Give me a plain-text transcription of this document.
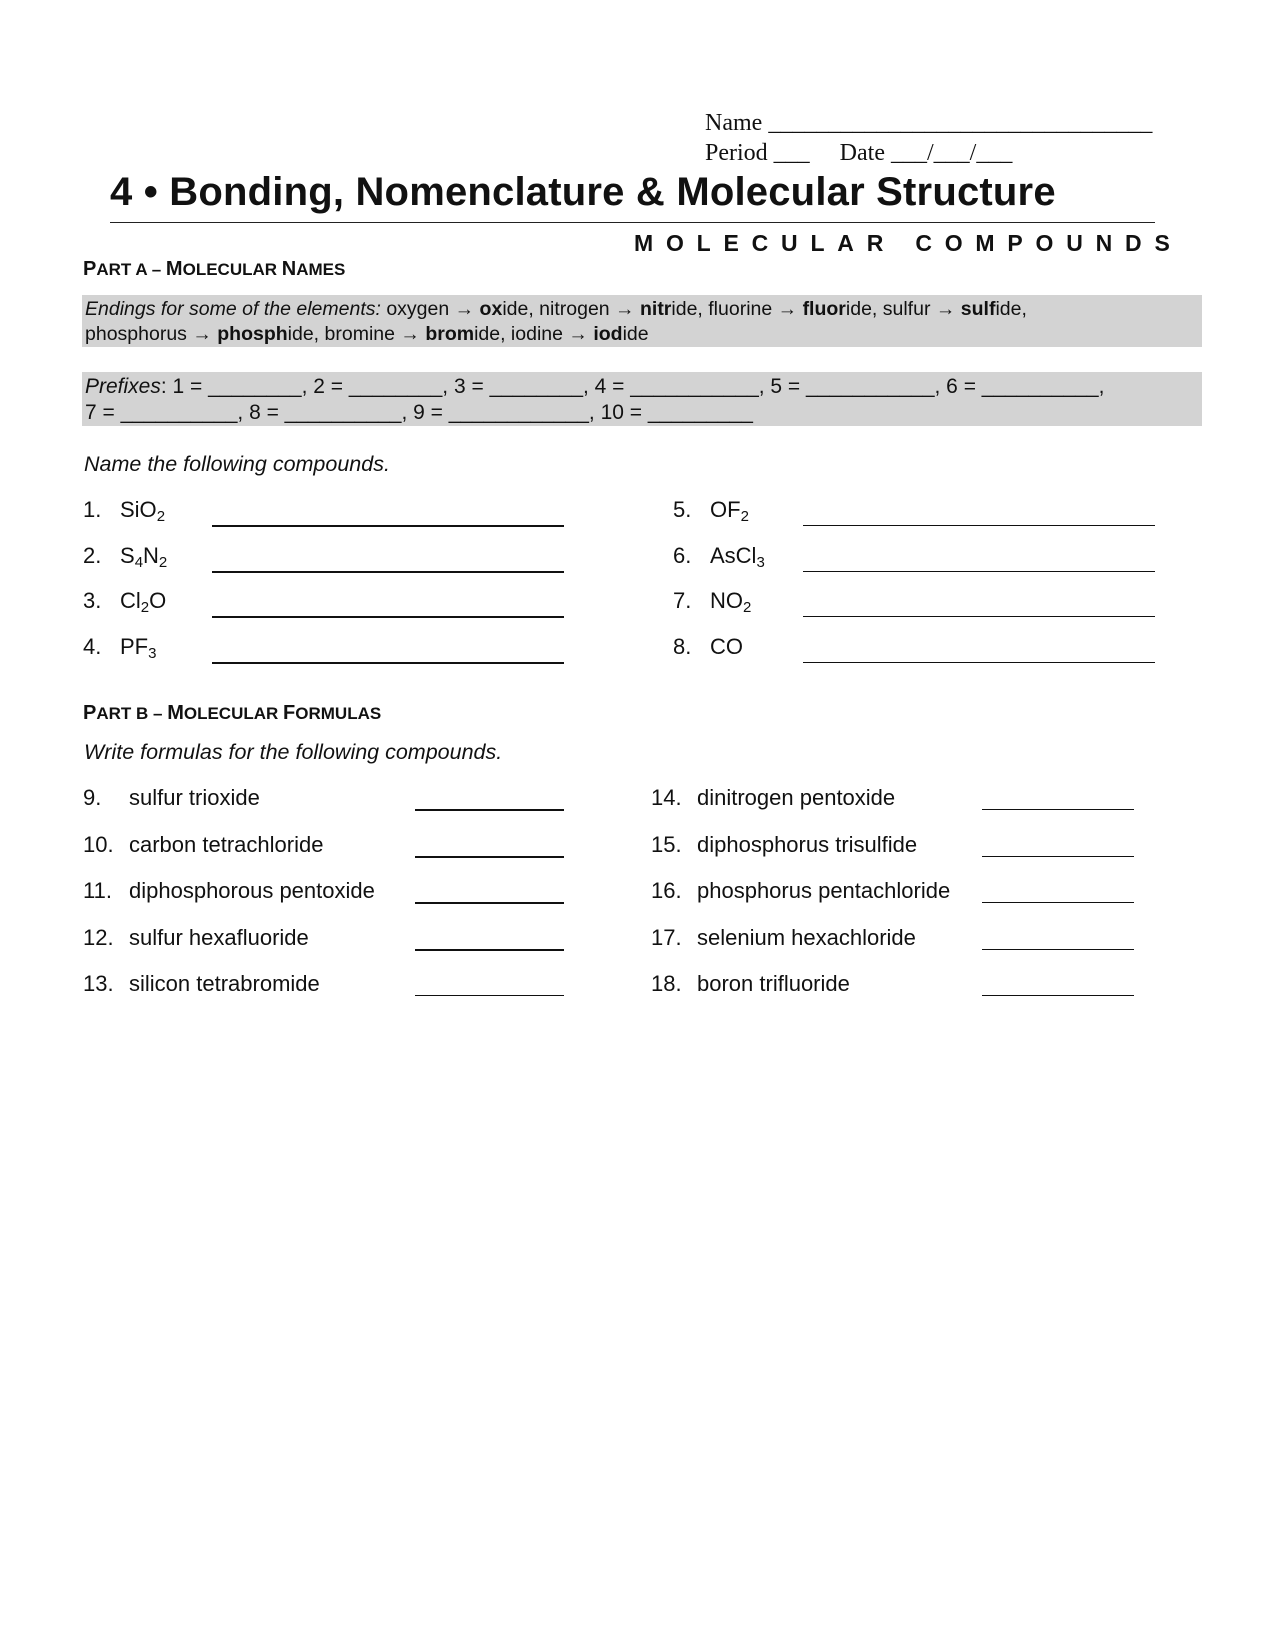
Name ________________________________
Period ___ Date ___/___/___
4 • Bonding, Nomenclature & Molecular Structure
MOLECULAR COMPOUNDS
PART A – MOLECULAR NAMES
Endings for some of the elements: oxygen → oxide, nitrogen → nitride, fluorine → fluoride, sulfur → sulfide,
phosphorus → phosphide, bromine → bromide, iodine → iodide
Prefixes: 1 = ________, 2 = ________, 3 = ________, 4 = ___________, 5 = ___________, 6 = __________,
7 = __________, 8 = __________, 9 = ____________, 10 = _________
Name the following compounds.
1. SiO$_2$
2. $S_4N_2$
3. $Cl_2O$
4. $PF_3$
5. $OF_2$
6. AsCl$_3$
7. $NO_2$
8. CO
PART B – MOLECULAR FORMULAS
Write formulas for the following compounds.
9. sulfur trioxide
10. carbon tetrachloride
11. diphosphorous pentoxide
12. sulfur hexafluoride
13. silicon tetrabromide
14. dinitrogen pentoxide
15. diphosphorus trisulfide
16. phosphorus pentachloride
17. selenium hexachloride
18. boron trifluoride
